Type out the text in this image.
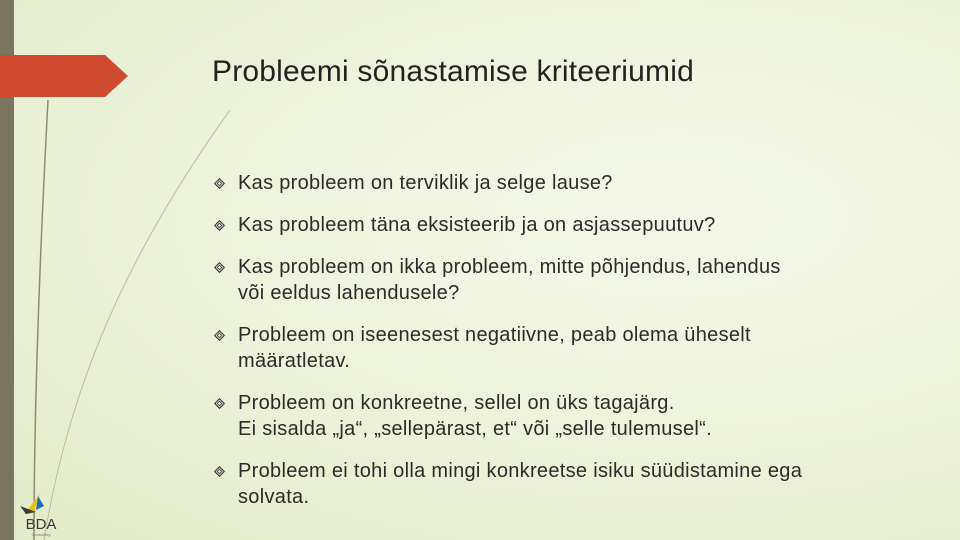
Probleemi sõnastamise kriteeriumid
Kas probleem on terviklik ja selge lause?
Kas probleem täna eksisteerib ja on asjassepuutuv?
Kas probleem on ikka probleem, mitte põhjendus, lahendus
või eeldus lahendusele?
Probleem on iseenesest negatiivne, peab olema üheselt
määratletav.
Probleem on konkreetne, sellel on üks tagajärg.
Ei sisalda „ja“, „sellepärast, et“ või „selle tulemusel“.
Probleem ei tohi olla mingi konkreetse isiku süüdistamine ega
solvata.
BDA
Consulting
